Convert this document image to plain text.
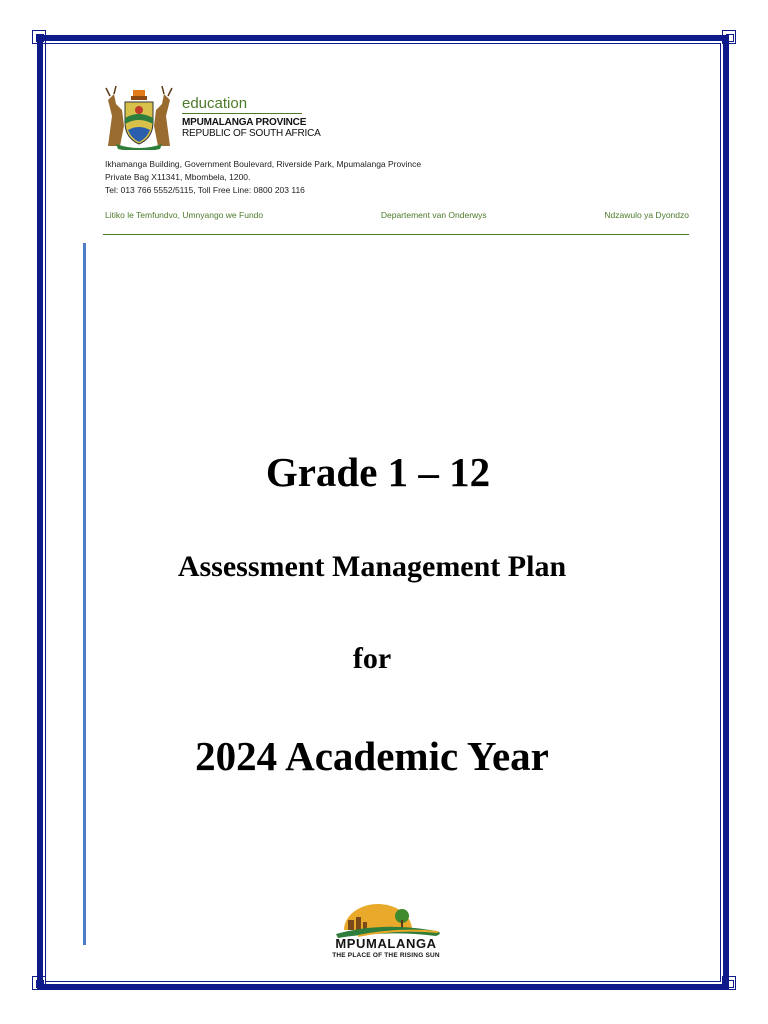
education
MPUMALANGA PROVINCE
REPUBLIC OF SOUTH AFRICA
Ikhamanga Building, Government Boulevard, Riverside Park, Mpumalanga Province
Private Bag X11341, Mbombela, 1200.
Tel: 013 766 5552/5115, Toll Free Line: 0800 203 116
Litiko le Temfundvo, Umnyango we Fundo	Departement van Onderwys	Ndzawulo ya Dyondzo
Grade 1 – 12
Assessment Management Plan
for
2024 Academic Year
MPUMALANGA
THE PLACE OF THE RISING SUN
